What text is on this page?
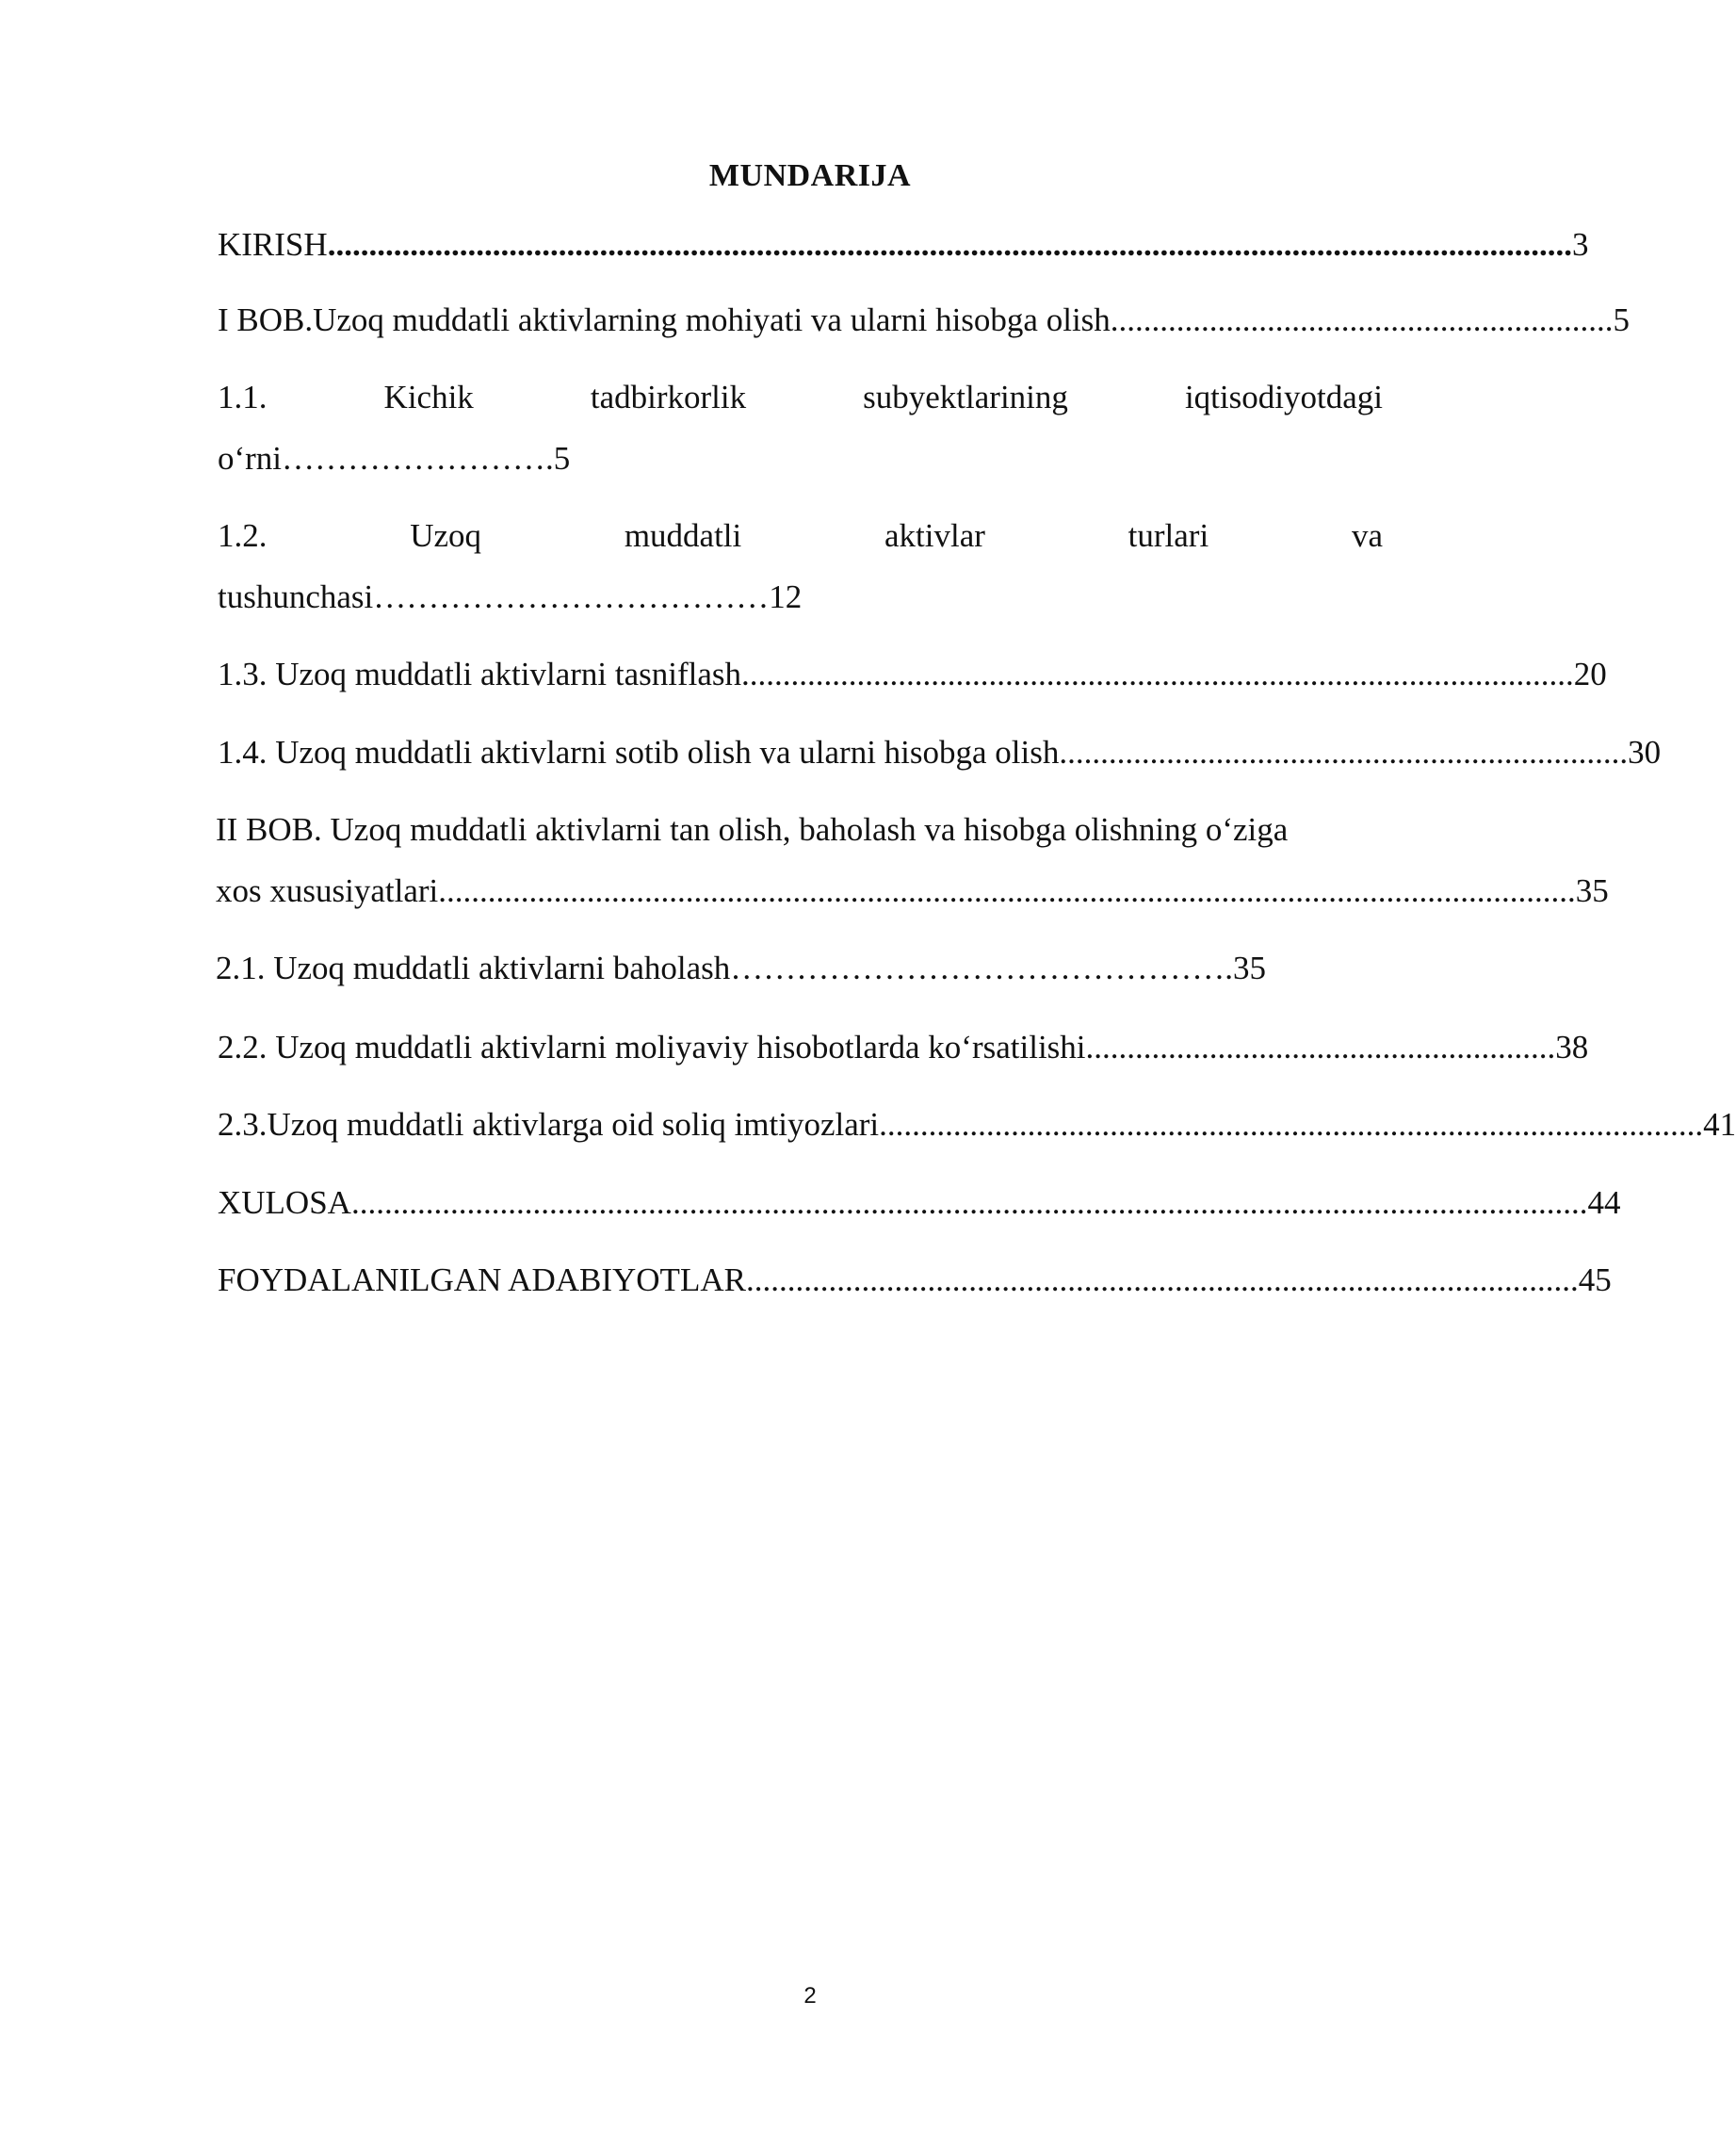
MUNDARIJA
KIRISH ....................................................................................................................................................... 3
I BOB.Uzoq muddatli aktivlarning mohiyati va ularni hisobga olish ............................................................. 5
1.1.	Kichik	tadbirkorlik	subyektlarining	iqtisodiyotdagi
o‘rni…………………….5
1.2.	Uzoq	muddatli	aktivlar	turlari	va
tushunchasi………………………………12
1.3. Uzoq muddatli aktivlarni tasniflash ..................................................................................................... 20
1.4. Uzoq muddatli aktivlarni sotib olish va ularni hisobga olish ..................................................................... 30
II BOB. Uzoq muddatli aktivlarni tan olish, baholash va hisobga olishning o‘ziga
xos xususiyatlari .......................................................................................................................................... 35
2.1. Uzoq muddatli aktivlarni baholash……………………………………….35
2.2. Uzoq muddatli aktivlarni moliyaviy hisobotlarda ko‘rsatilishi ......................................................... 38
2.3.Uzoq muddatli aktivlarga oid soliq imtiyozlari .................................................................................................... 41
XULOSA ...................................................................................................................................................... 44
FOYDALANILGAN ADABIYOTLAR ..................................................................................................... 45
2
